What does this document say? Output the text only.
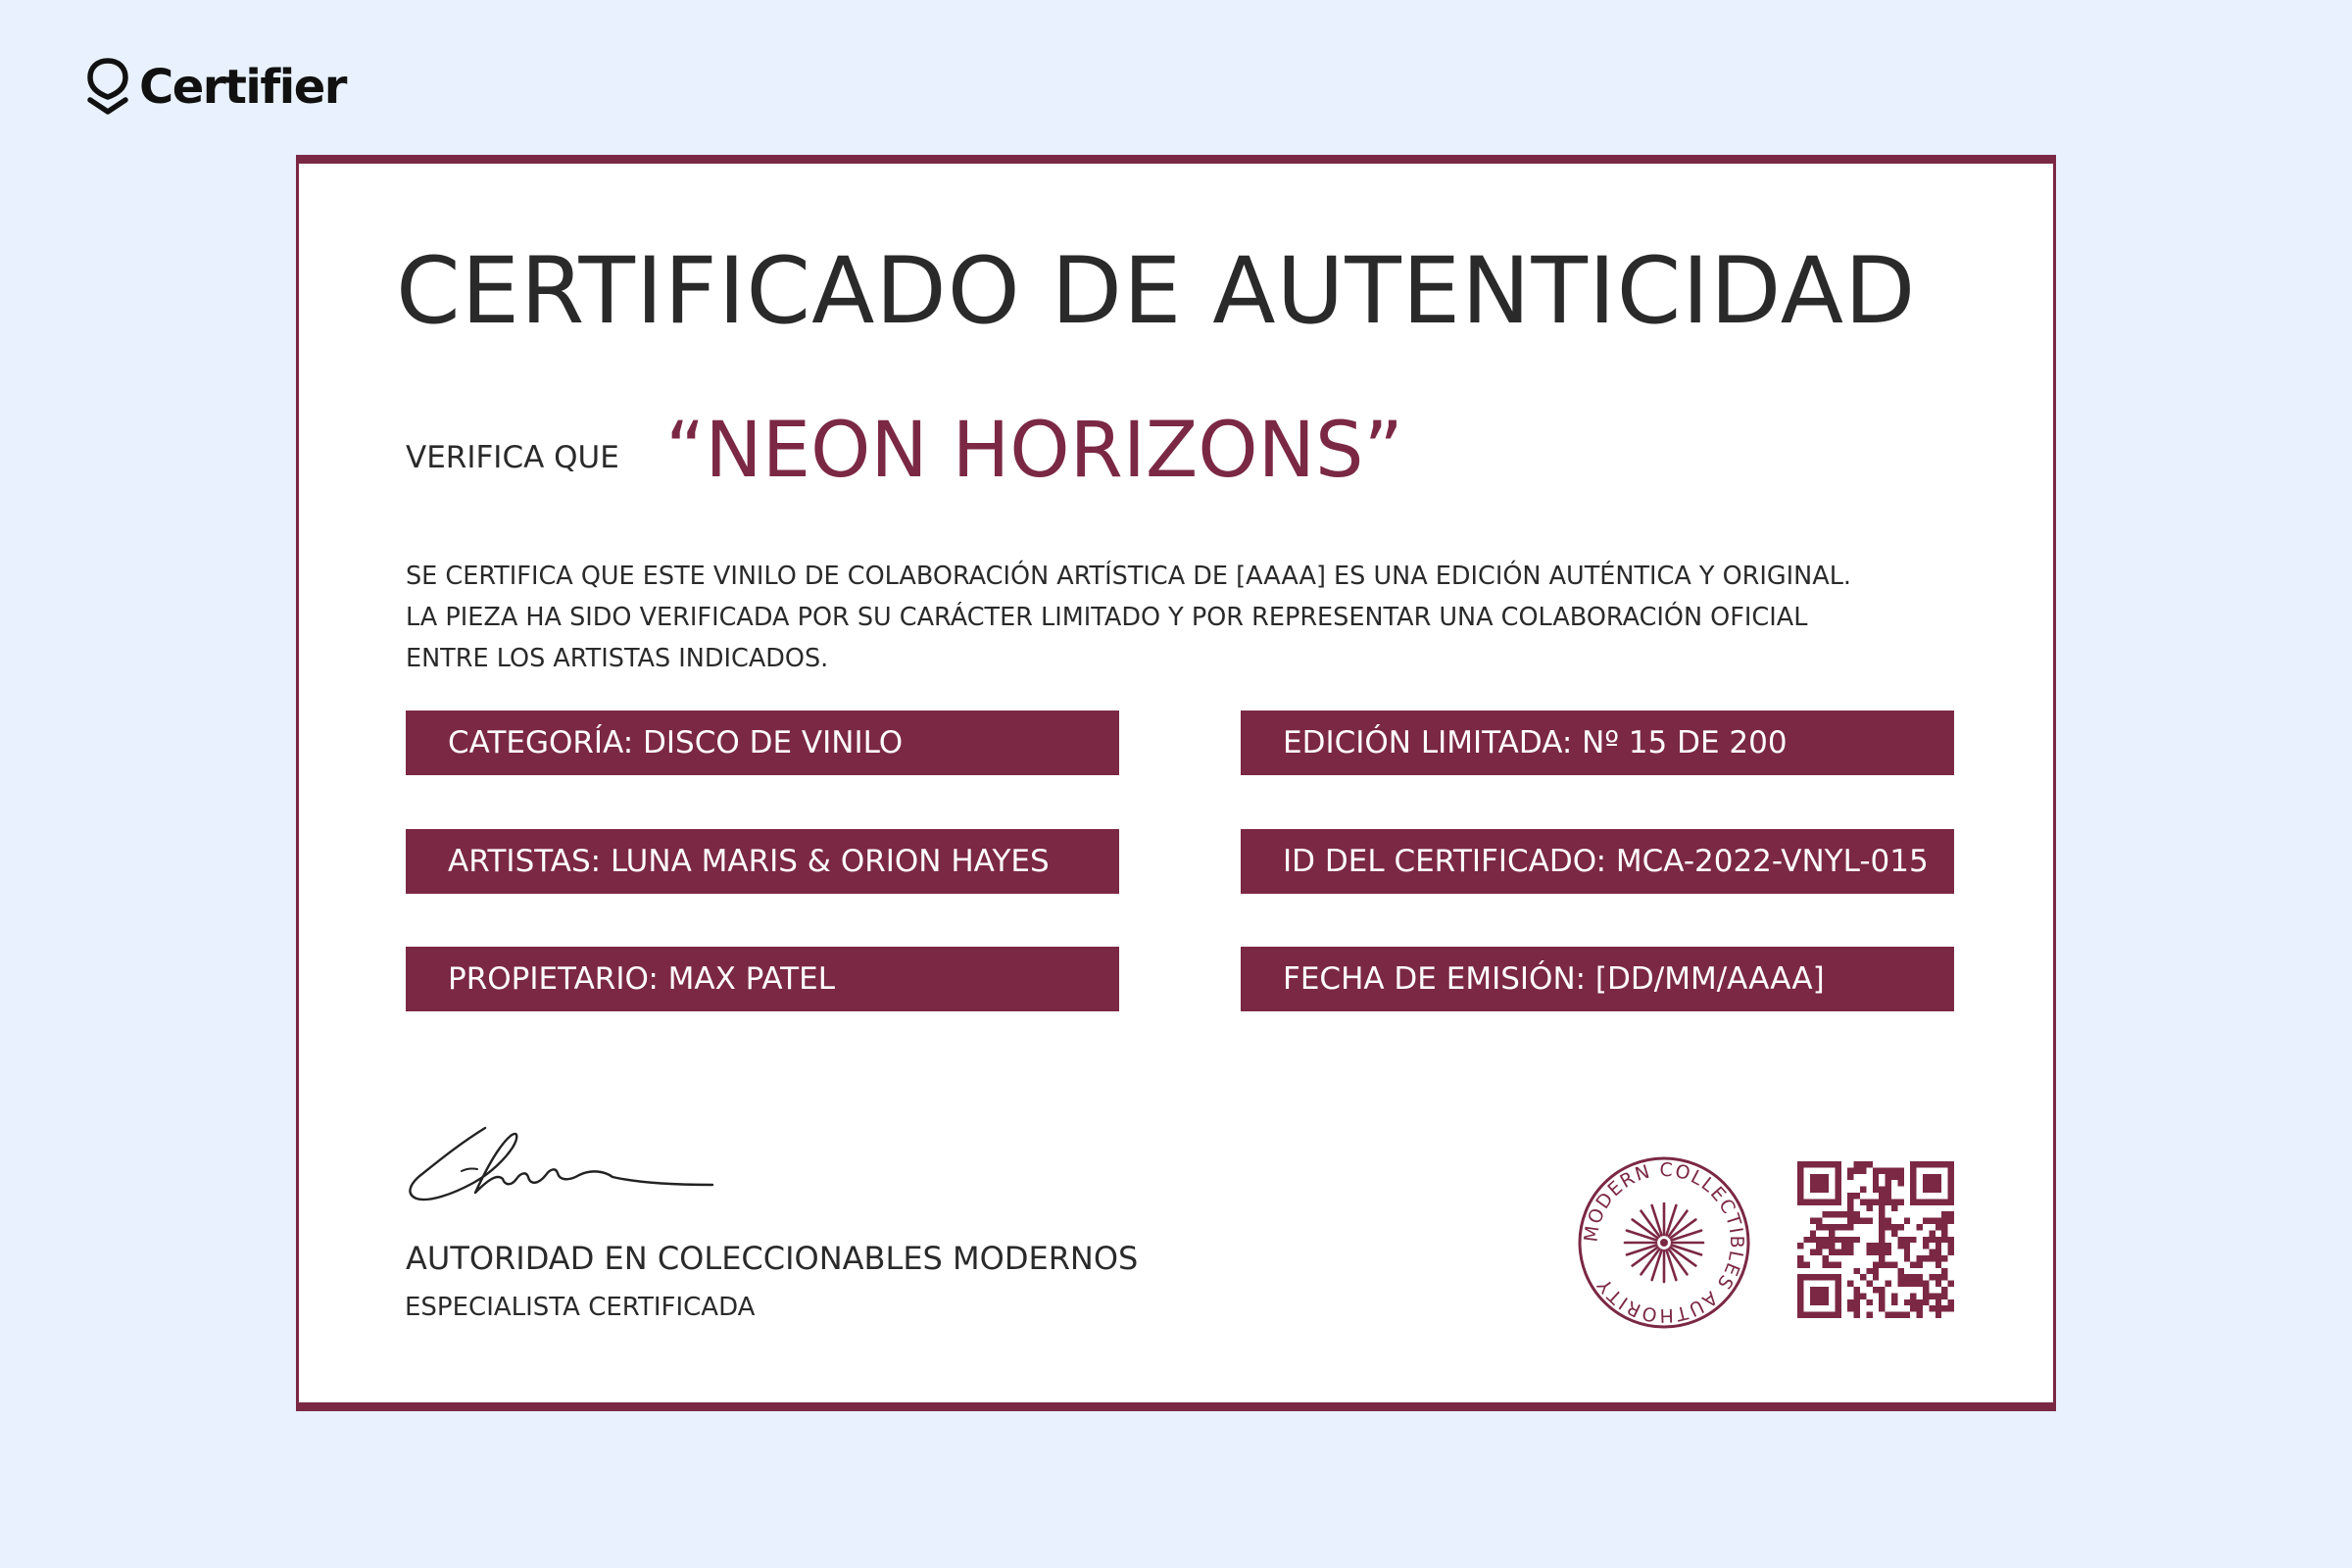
Certifier
CERTIFICADO DE AUTENTICIDAD
VERIFICA QUE “NEON HORIZONS”

SE CERTIFICA QUE ESTE VINILO DE COLABORACIÓN ARTÍSTICA DE [AAAA] ES UNA EDICIÓN AUTÉNTICA Y ORIGINAL.
LA PIEZA HA SIDO VERIFICADA POR SU CARÁCTER LIMITADO Y POR REPRESENTAR UNA COLABORACIÓN OFICIAL
ENTRE LOS ARTISTAS INDICADOS.

CATEGORÍA: DISCO DE VINILO	EDICIÓN LIMITADA: Nº 15 DE 200
ARTISTAS: LUNA MARIS & ORION HAYES	ID DEL CERTIFICADO: MCA-2022-VNYL-015
PROPIETARIO: MAX PATEL	FECHA DE EMISIÓN: [DD/MM/AAAA]
AUTORIDAD EN COLECCIONABLES MODERNOS
ESPECIALISTA CERTIFICADA
MODERN COLLECTIBLES AUTHORITY
